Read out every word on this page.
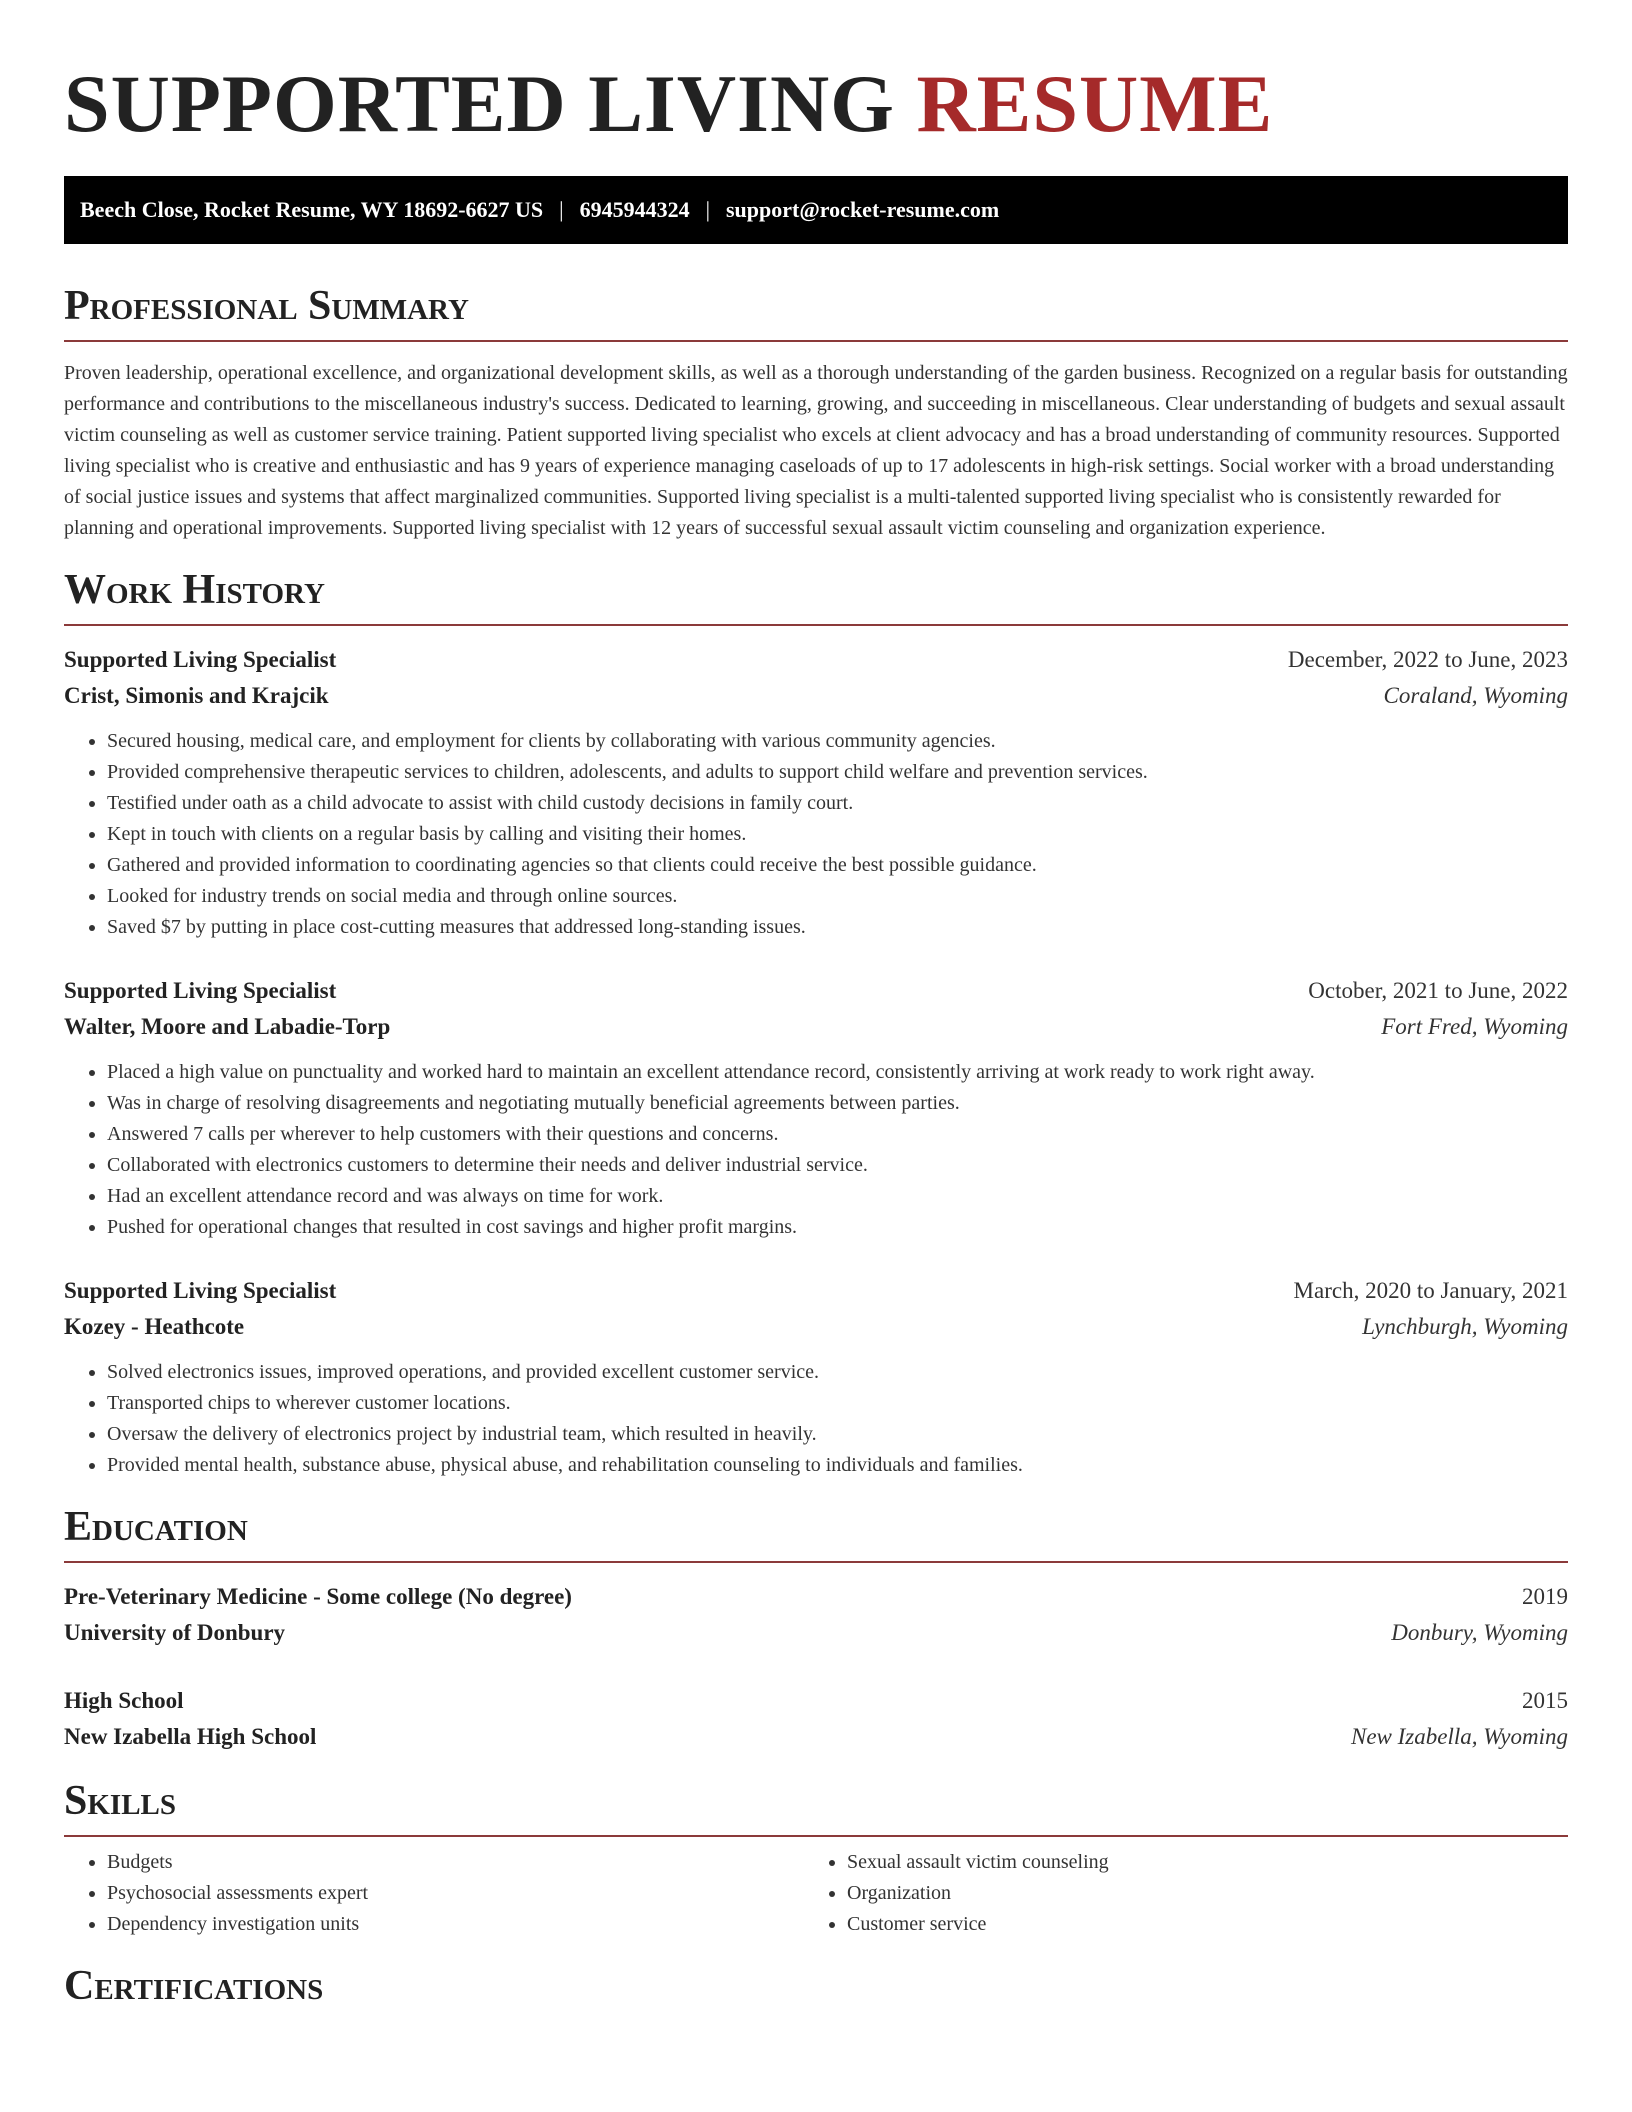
SUPPORTED LIVING RESUME
Beech Close, Rocket Resume, WY 18692-6627 US | 6945944324 | support@rocket-resume.com
Professional Summary

Proven leadership, operational excellence, and organizational development skills, as well as a thorough understanding of the garden business. Recognized on a regular basis for outstanding performance and contributions to the miscellaneous industry's success. Dedicated to learning, growing, and succeeding in miscellaneous. Clear understanding of budgets and sexual assault victim counseling as well as customer service training. Patient supported living specialist who excels at client advocacy and has a broad understanding of community resources. Supported living specialist who is creative and enthusiastic and has 9 years of experience managing caseloads of up to 17 adolescents in high-risk settings. Social worker with a broad understanding of social justice issues and systems that affect marginalized communities. Supported living specialist is a multi-talented supported living specialist who is consistently rewarded for planning and operational improvements. Supported living specialist with 12 years of successful sexual assault victim counseling and organization experience.

Work History
Supported Living Specialist	December, 2022 to June, 2023
Crist, Simonis and Krajcik	Coraland, Wyoming
• Secured housing, medical care, and employment for clients by collaborating with various community agencies.
• Provided comprehensive therapeutic services to children, adolescents, and adults to support child welfare and prevention services.
• Testified under oath as a child advocate to assist with child custody decisions in family court.
• Kept in touch with clients on a regular basis by calling and visiting their homes.
• Gathered and provided information to coordinating agencies so that clients could receive the best possible guidance.
• Looked for industry trends on social media and through online sources.
• Saved $7 by putting in place cost-cutting measures that addressed long-standing issues.
Supported Living Specialist	October, 2021 to June, 2022
Walter, Moore and Labadie-Torp	Fort Fred, Wyoming
• Placed a high value on punctuality and worked hard to maintain an excellent attendance record, consistently arriving at work ready to work right away.
• Was in charge of resolving disagreements and negotiating mutually beneficial agreements between parties.
• Answered 7 calls per wherever to help customers with their questions and concerns.
• Collaborated with electronics customers to determine their needs and deliver industrial service.
• Had an excellent attendance record and was always on time for work.
• Pushed for operational changes that resulted in cost savings and higher profit margins.
Supported Living Specialist	March, 2020 to January, 2021
Kozey - Heathcote	Lynchburgh, Wyoming
• Solved electronics issues, improved operations, and provided excellent customer service.
• Transported chips to wherever customer locations.
• Oversaw the delivery of electronics project by industrial team, which resulted in heavily.
• Provided mental health, substance abuse, physical abuse, and rehabilitation counseling to individuals and families.
Education
Pre-Veterinary Medicine - Some college (No degree)	2019
University of Donbury	Donbury, Wyoming
High School	2015
New Izabella High School	New Izabella, Wyoming
Skills
• Budgets
• Psychosocial assessments expert
• Dependency investigation units
• Sexual assault victim counseling
• Organization
• Customer service
Certifications
